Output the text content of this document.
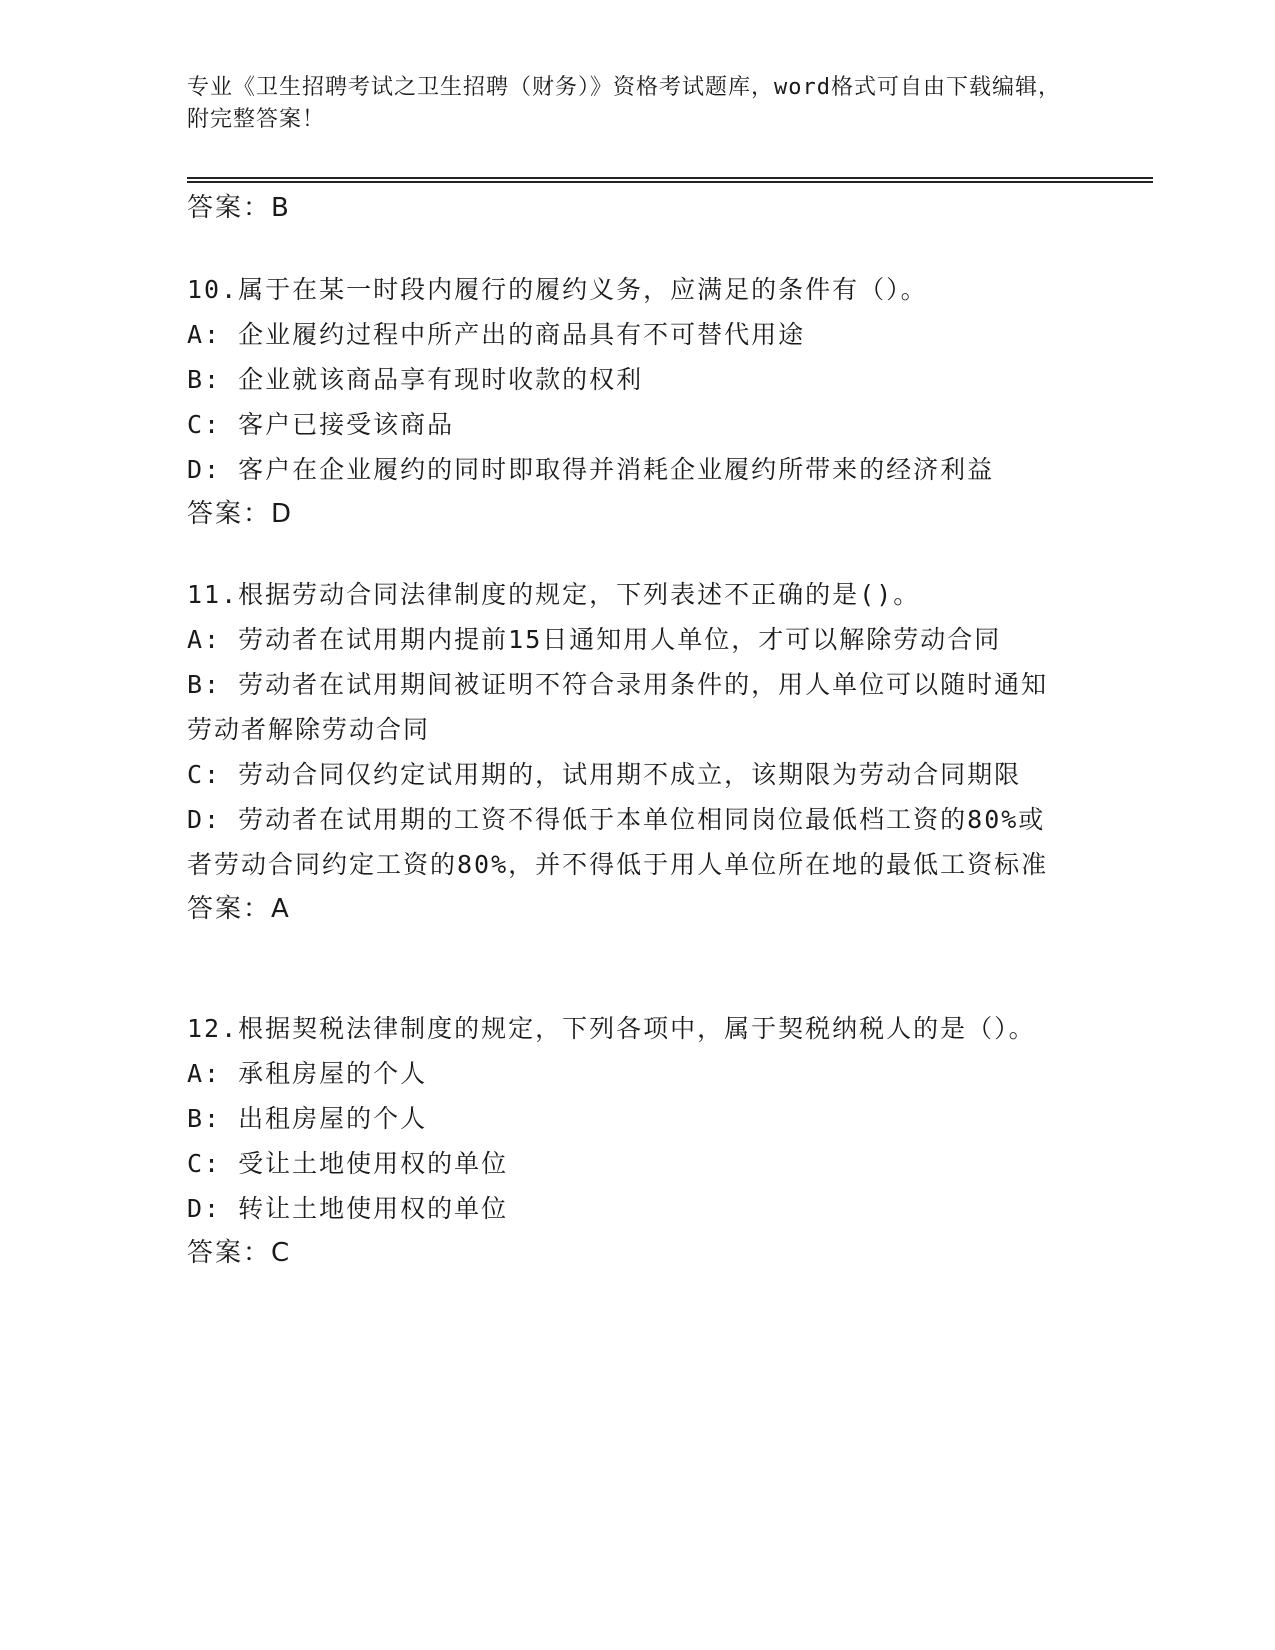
专业《卫生招聘考试之卫生招聘（财务）》资格考试题库，word格式可自由下载编辑，附完整答案！

答案：B

10.属于在某一时段内履行的履约义务，应满足的条件有（）。

A: 企业履约过程中所产出的商品具有不可替代用途

B: 企业就该商品享有现时收款的权利

C: 客户已接受该商品

D: 客户在企业履约的同时即取得并消耗企业履约所带来的经济利益

答案：D

11.根据劳动合同法律制度的规定，下列表述不正确的是()。

A: 劳动者在试用期内提前15日通知用人单位，才可以解除劳动合同

B: 劳动者在试用期间被证明不符合录用条件的，用人单位可以随时通知劳动者解除劳动合同

C: 劳动合同仅约定试用期的，试用期不成立，该期限为劳动合同期限

D: 劳动者在试用期的工资不得低于本单位相同岗位最低档工资的80%或者劳动合同约定工资的80%，并不得低于用人单位所在地的最低工资标准

答案：A

12.根据契税法律制度的规定，下列各项中，属于契税纳税人的是（）。

A: 承租房屋的个人

B: 出租房屋的个人

C: 受让土地使用权的单位

D: 转让土地使用权的单位

答案：C
